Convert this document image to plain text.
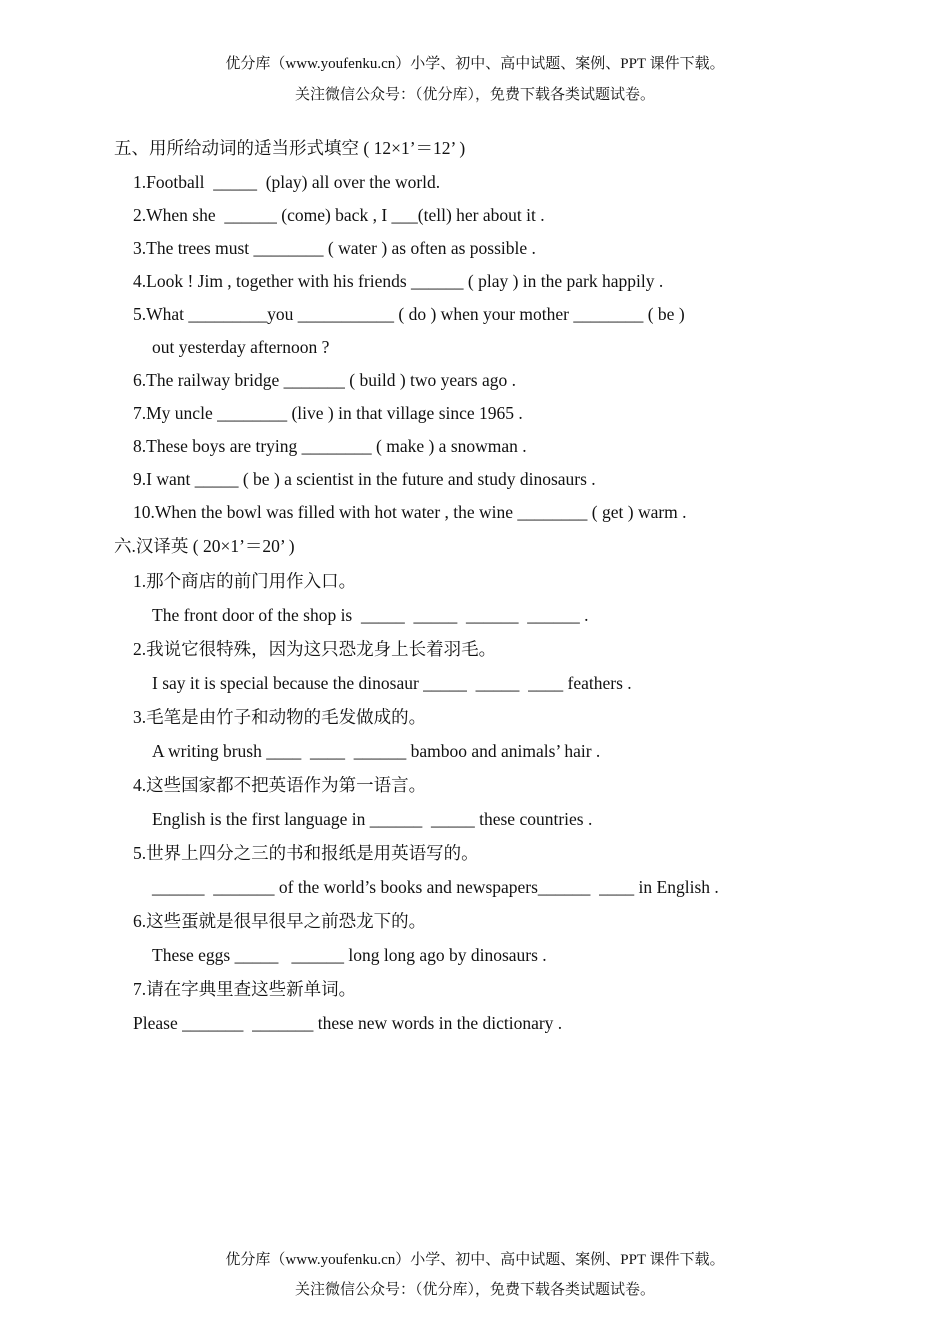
优分库（www.youfenku.cn）小学、初中、高中试题、案例、PPT 课件下载。
关注微信公众号：（优分库），免费下载各类试题试卷。
五、用所给动词的适当形式填空 ( 12×1’＝12’ )
1.Football  _____  (play) all over the world.
2.When she  ______ (come) back , I ___(tell) her about it .
3.The trees must ________ ( water ) as often as possible .
4.Look ! Jim , together with his friends ______ ( play ) in the park happily .
5.What _________you ___________ ( do ) when your mother ________ ( be )
out yesterday afternoon ?
6.The railway bridge _______ ( build ) two years ago .
7.My uncle ________ (live ) in that village since 1965 .
8.These boys are trying ________ ( make ) a snowman .
9.I want _____ ( be ) a scientist in the future and study dinosaurs .
10.When the bowl was filled with hot water , the wine ________ ( get ) warm .
六.汉译英 ( 20×1’＝20’ )
1.那个商店的前门用作入口。
The front door of the shop is  _____  _____  ______  ______ .
2.我说它很特殊，因为这只恐龙身上长着羽毛。
I say it is special because the dinosaur _____  _____  ____ feathers .
3.毛笔是由竹子和动物的毛发做成的。
A writing brush ____  ____  ______ bamboo and animals’ hair .
4.这些国家都不把英语作为第一语言。
English is the first language in ______  _____ these countries .
5.世界上四分之三的书和报纸是用英语写的。
______  _______ of the world’s books and newspapers______  ____ in English .
6.这些蛋就是很早很早之前恐龙下的。
These eggs _____   ______ long long ago by dinosaurs .
7.请在字典里查这些新单词。
Please _______  _______ these new words in the dictionary .
优分库（www.youfenku.cn）小学、初中、高中试题、案例、PPT 课件下载。
关注微信公众号：（优分库），免费下载各类试题试卷。
